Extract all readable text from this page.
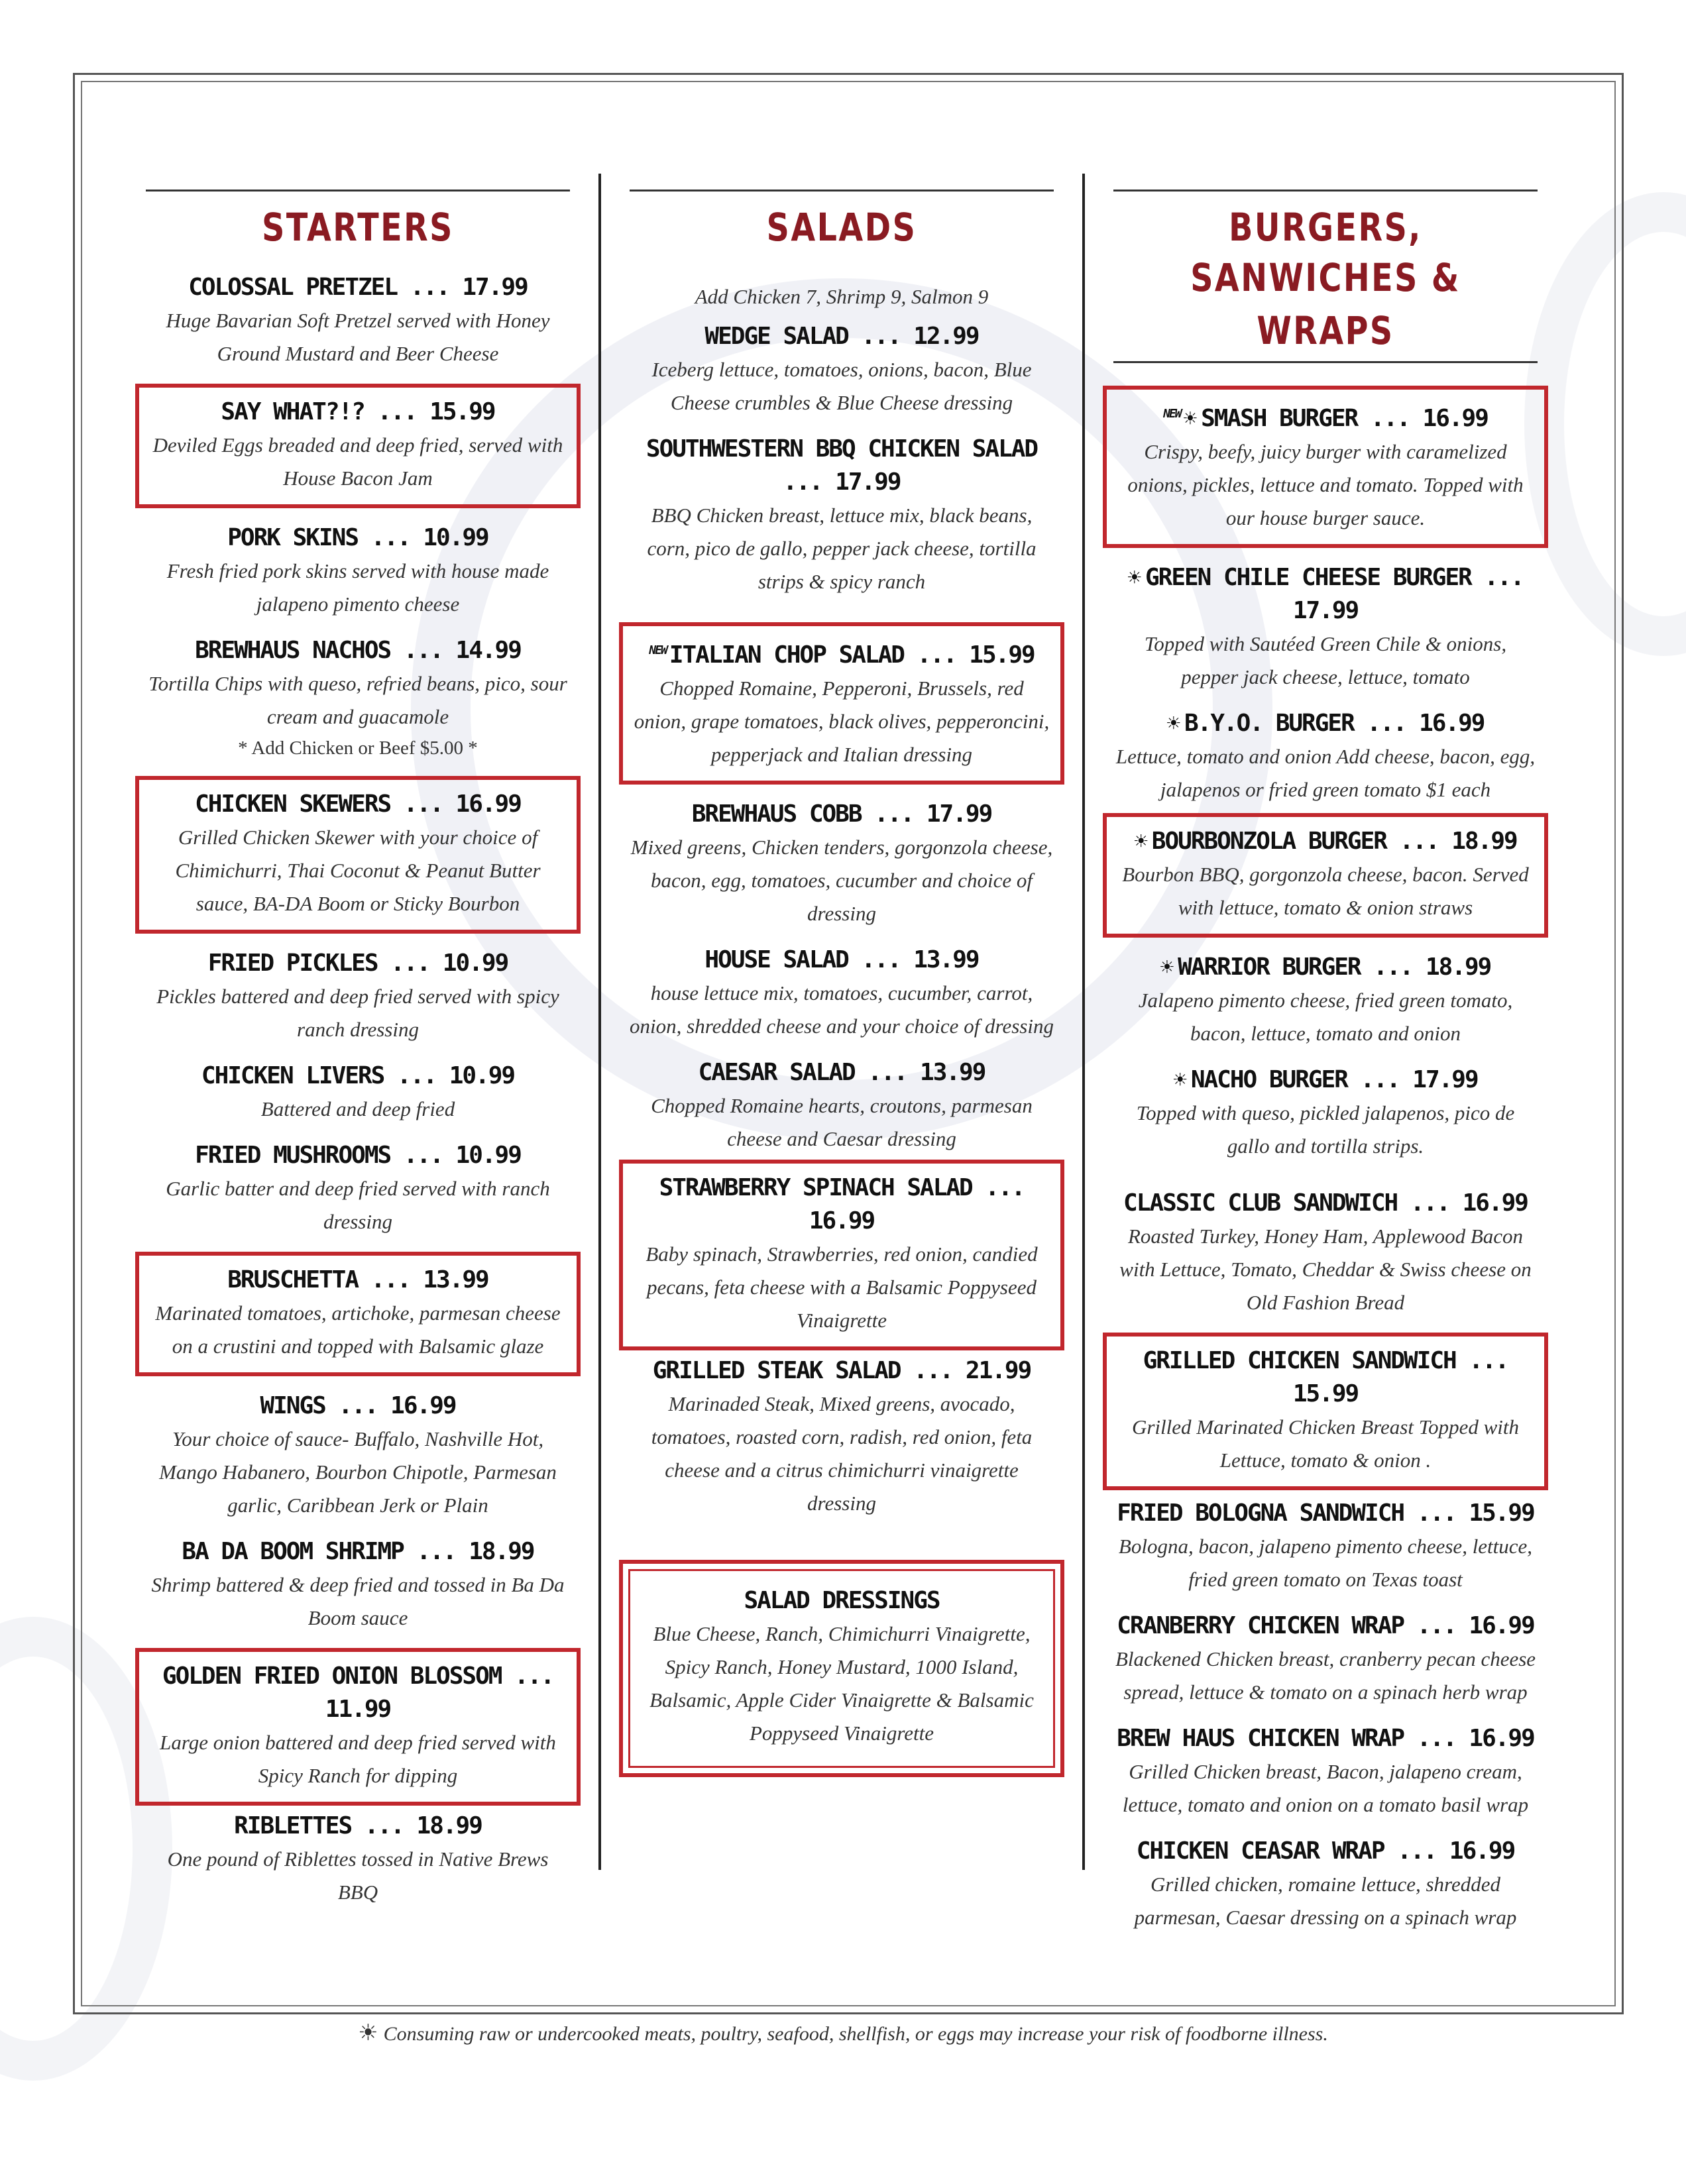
STARTERS
COLOSSAL PRETZEL ... 17.99
Huge Bavarian Soft Pretzel served with Honey Ground Mustard and Beer Cheese
SAY WHAT?!? ... 15.99
Deviled Eggs breaded and deep fried, served with House Bacon Jam
PORK SKINS ... 10.99
Fresh fried pork skins served with house made jalapeno pimento cheese
BREWHAUS NACHOS ... 14.99
Tortilla Chips with queso, refried beans, pico, sour cream and guacamole
* Add Chicken or Beef $5.00 *
CHICKEN SKEWERS ... 16.99
Grilled Chicken Skewer with your choice of Chimichurri, Thai Coconut & Peanut Butter sauce, BA-DA Boom or Sticky Bourbon
FRIED PICKLES ... 10.99
Pickles battered and deep fried served with spicy ranch dressing
CHICKEN LIVERS ... 10.99
Battered and deep fried
FRIED MUSHROOMS ... 10.99
Garlic batter and deep fried served with ranch dressing
BRUSCHETTA ... 13.99
Marinated tomatoes, artichoke, parmesan cheese on a crustini and topped with Balsamic glaze
WINGS ... 16.99
Your choice of sauce- Buffalo, Nashville Hot, Mango Habanero, Bourbon Chipotle, Parmesan garlic, Caribbean Jerk or Plain
BA DA BOOM SHRIMP ... 18.99
Shrimp battered & deep fried and tossed in Ba Da Boom sauce
GOLDEN FRIED ONION BLOSSOM ... 11.99
Large onion battered and deep fried served with Spicy Ranch for dipping
RIBLETTES ... 18.99
One pound of Riblettes tossed in Native Brews BBQ
SALADS
Add Chicken 7, Shrimp 9, Salmon 9
WEDGE SALAD ... 12.99
Iceberg lettuce, tomatoes, onions, bacon, Blue Cheese crumbles & Blue Cheese dressing
SOUTHWESTERN BBQ CHICKEN SALAD ... 17.99
BBQ Chicken breast, lettuce mix, black beans, corn, pico de gallo, pepper jack cheese, tortilla strips & spicy ranch
$^{NEW}$ ITALIAN CHOP SALAD ... 15.99
Chopped Romaine, Pepperoni, Brussels, red onion, grape tomatoes, black olives, pepperoncini, pepperjack and Italian dressing
BREWHAUS COBB ... 17.99
Mixed greens, Chicken tenders, gorgonzola cheese, bacon, egg, tomatoes, cucumber and choice of dressing
HOUSE SALAD ... 13.99
house lettuce mix, tomatoes, cucumber, carrot, onion, shredded cheese and your choice of dressing
CAESAR SALAD ... 13.99
Chopped Romaine hearts, croutons, parmesan cheese and Caesar dressing
STRAWBERRY SPINACH SALAD ... 16.99
Baby spinach, Strawberries, red onion, candied pecans, feta cheese with a Balsamic Poppyseed Vinaigrette
GRILLED STEAK SALAD ... 21.99
Marinaded Steak, Mixed greens, avocado, tomatoes, roasted corn, radish, red onion, feta cheese and a citrus chimichurri vinaigrette dressing
SALAD DRESSINGS
Blue Cheese, Ranch, Chimichurri Vinaigrette, Spicy Ranch, Honey Mustard, 1000 Island, Balsamic, Apple Cider Vinaigrette & Balsamic Poppyseed Vinaigrette
BURGERS,
SANWICHES & WRAPS
$^{NEW}$ ☀ SMASH BURGER ... 16.99
Crispy, beefy, juicy burger with caramelized onions, pickles, lettuce and tomato. Topped with our house burger sauce.
☀ GREEN CHILE CHEESE BURGER ... 17.99
Topped with Sautéed Green Chile & onions, pepper jack cheese, lettuce, tomato
☀ B.Y.O. BURGER ... 16.99
Lettuce, tomato and onion Add cheese, bacon, egg, jalapenos or fried green tomato $1 each
☀ BOURBONZOLA BURGER ... 18.99
Bourbon BBQ, gorgonzola cheese, bacon. Served with lettuce, tomato & onion straws
☀ WARRIOR BURGER ... 18.99
Jalapeno pimento cheese, fried green tomato, bacon, lettuce, tomato and onion
☀ NACHO BURGER ... 17.99
Topped with queso, pickled jalapenos, pico de gallo and tortilla strips.
CLASSIC CLUB SANDWICH ... 16.99
Roasted Turkey, Honey Ham, Applewood Bacon with Lettuce, Tomato, Cheddar & Swiss cheese on Old Fashion Bread
GRILLED CHICKEN SANDWICH ... 15.99
Grilled Marinated Chicken Breast Topped with Lettuce, tomato & onion .
FRIED BOLOGNA SANDWICH ... 15.99
Bologna, bacon, jalapeno pimento cheese, lettuce, fried green tomato on Texas toast
CRANBERRY CHICKEN WRAP ... 16.99
Blackened Chicken breast, cranberry pecan cheese spread, lettuce & tomato on a spinach herb wrap
BREW HAUS CHICKEN WRAP ... 16.99
Grilled Chicken breast, Bacon, jalapeno cream, lettuce, tomato and onion on a tomato basil wrap
CHICKEN CEASAR WRAP ... 16.99
Grilled chicken, romaine lettuce, shredded parmesan, Caesar dressing on a spinach wrap
☀ Consuming raw or undercooked meats, poultry, seafood, shellfish, or eggs may increase your risk of foodborne illness.
